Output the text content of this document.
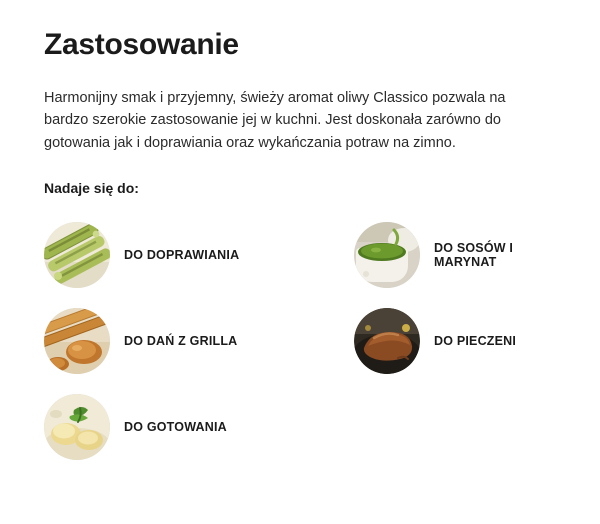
Zastosowanie

Harmonijny smak i przyjemny, świeży aromat oliwy Classico pozwala na bardzo szerokie zastosowanie jej w kuchni. Jest doskonała zarówno do gotowania jak i doprawiania oraz wykańczania potraw na zimno.

Nadaje się do:

DO DOPRAWIANIA	DO SOSÓW I MARYNAT
DO DAŃ Z GRILLA	DO PIECZENI
DO GOTOWANIA
